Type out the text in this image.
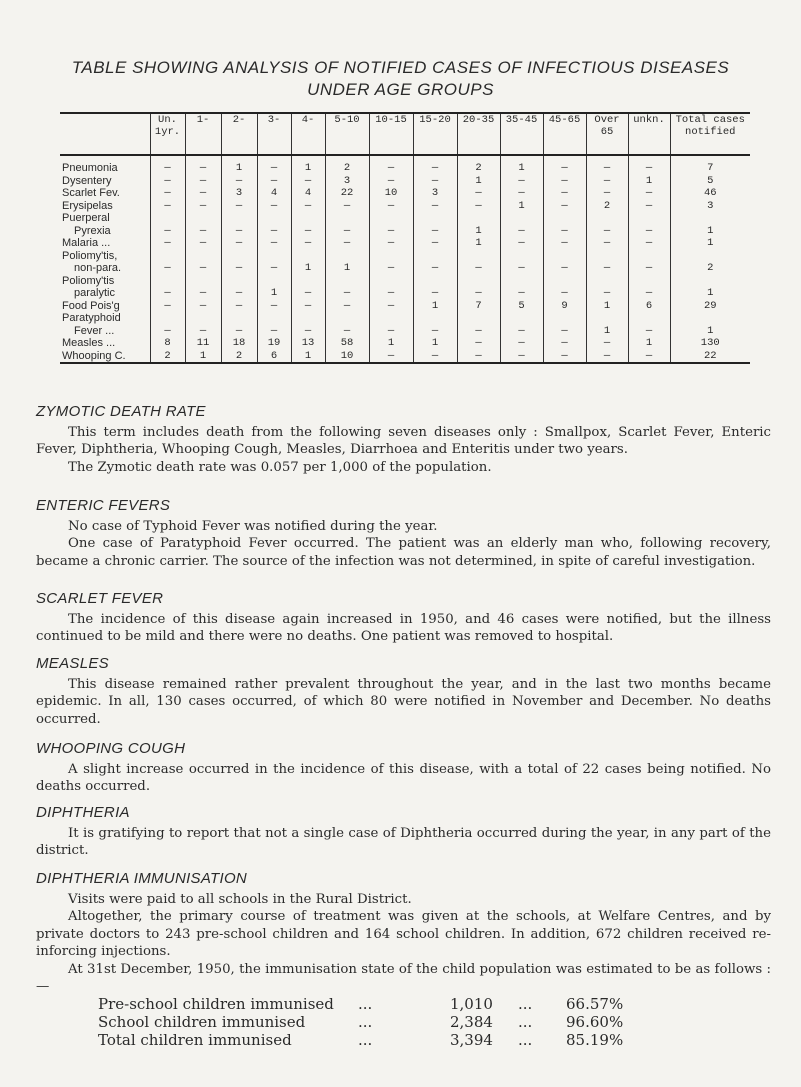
TABLE SHOWING ANALYSIS OF NOTIFIED CASES OF INFECTIOUS DISEASES
UNDER AGE GROUPS
	Un. 1yr.	1-	2-	3-	4-	5-10	10-15	15-20	20-35	35-45	45-65	Over 65	unkn.	Total cases notified
Pneumonia	—	—	1	—	1	2	—	—	2	1	—	—	—	7
Dysentery	—	—	—	—	—	3	—	—	1	—	—	—	1	5
Scarlet Fev.	—	—	3	4	4	22	10	3	—	—	—	—	—	46
Erysipelas	—	—	—	—	—	—	—	—	—	1	—	2	—	3
Puerperal														
Pyrexia	—	—	—	—	—	—	—	—	1	—	—	—	—	1
Malaria ...	—	—	—	—	—	—	—	—	1	—	—	—	—	1
Poliomy'tis,														
non-para.	—	—	—	—	1	1	—	—	—	—	—	—	—	2
Poliomy'tis														
paralytic	—	—	—	1	—	—	—	—	—	—	—	—	—	1
Food Pois'g	—	—	—	—	—	—	—	1	7	5	9	1	6	29
Paratyphoid														
Fever ...	—	—	—	—	—	—	—	—	—	—	—	1	—	1
Measles ...	8	11	18	19	13	58	1	1	—	—	—	—	1	130
Whooping C.	2	1	2	6	1	10	—	—	—	—	—	—	—	22
ZYMOTIC DEATH RATE

This term includes death from the following seven diseases only : Smallpox, Scarlet Fever, Enteric Fever, Diphtheria, Whooping Cough, Measles, Diarrhoea and Enteritis under two years.

The Zymotic death rate was 0.057 per 1,000 of the population.

ENTERIC FEVERS

No case of Typhoid Fever was notified during the year.

One case of Paratyphoid Fever occurred. The patient was an elderly man who, following recovery, became a chronic carrier. The source of the infection was not determined, in spite of careful investigation.

SCARLET FEVER

The incidence of this disease again increased in 1950, and 46 cases were notified, but the illness continued to be mild and there were no deaths. One patient was removed to hospital.

MEASLES

This disease remained rather prevalent throughout the year, and in the last two months became epidemic. In all, 130 cases occurred, of which 80 were notified in November and December. No deaths occurred.

WHOOPING COUGH

A slight increase occurred in the incidence of this disease, with a total of 22 cases being notified. No deaths occurred.

DIPHTHERIA

It is gratifying to report that not a single case of Diphtheria occurred during the year, in any part of the district.

DIPHTHERIA IMMUNISATION

Visits were paid to all schools in the Rural District.

Altogether, the primary course of treatment was given at the schools, at Welfare Centres, and by private doctors to 243 pre-school children and 164 school children. In addition, 672 children received re-inforcing injections.

At 31st December, 1950, the immunisation state of the child population was estimated to be as follows : —

Pre-school children immunised ...	1,010 ... 66.57%
School children immunised	...	2,384 ... 96.60%
Total children immunised	...	3,394 ... 85.19%
